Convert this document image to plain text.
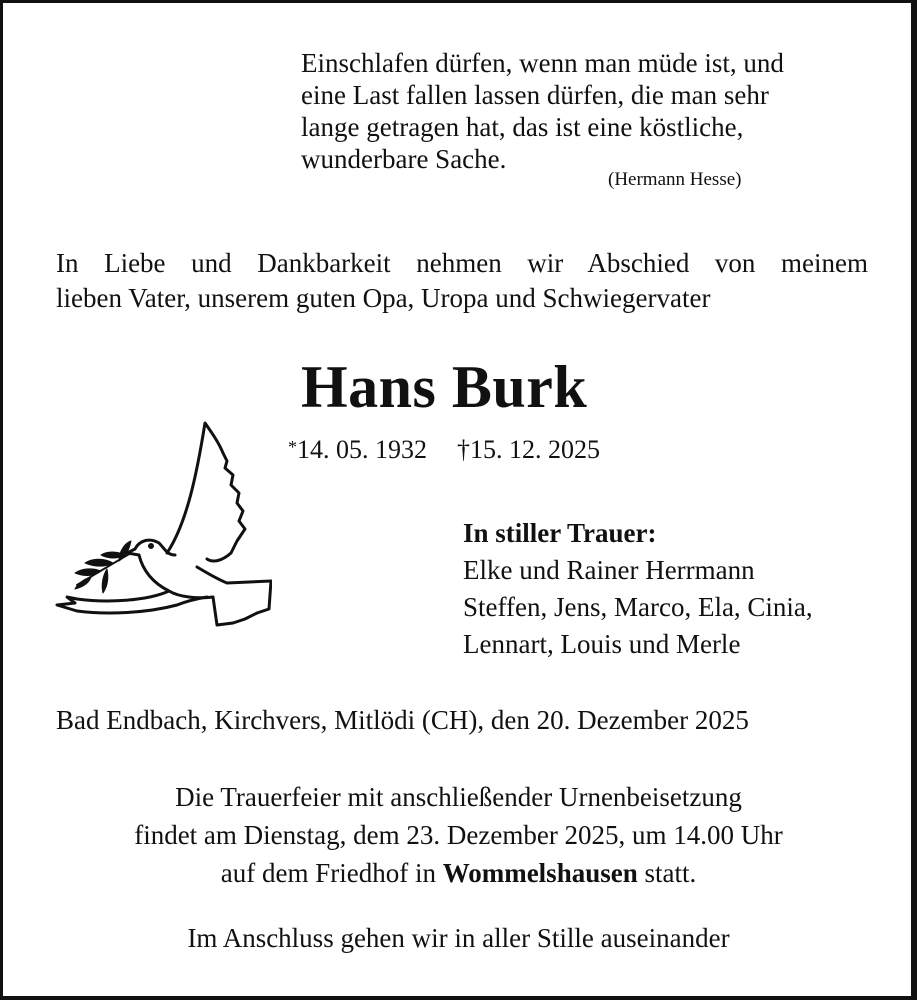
Einschlafen dürfen, wenn man müde ist, und
eine Last fallen lassen dürfen, die man sehr
lange getragen hat, das ist eine köstliche,
wunderbare Sache.
(Hermann Hesse)
In Liebe und Dankbarkeit nehmen wir Abschied von meinem
lieben Vater, unserem guten Opa, Uropa und Schwiegervater
Hans Burk
*14. 05. 1932 †15. 12. 2025
In stiller Trauer:
Elke und Rainer Herrmann
Steffen, Jens, Marco, Ela, Cinia,
Lennart, Louis und Merle
Bad Endbach, Kirchvers, Mitlödi (CH), den 20. Dezember 2025
Die Trauerfeier mit anschließender Urnenbeisetzung
findet am Dienstag, dem 23. Dezember 2025, um 14.00 Uhr
auf dem Friedhof in Wommelshausen statt.
Im Anschluss gehen wir in aller Stille auseinander
